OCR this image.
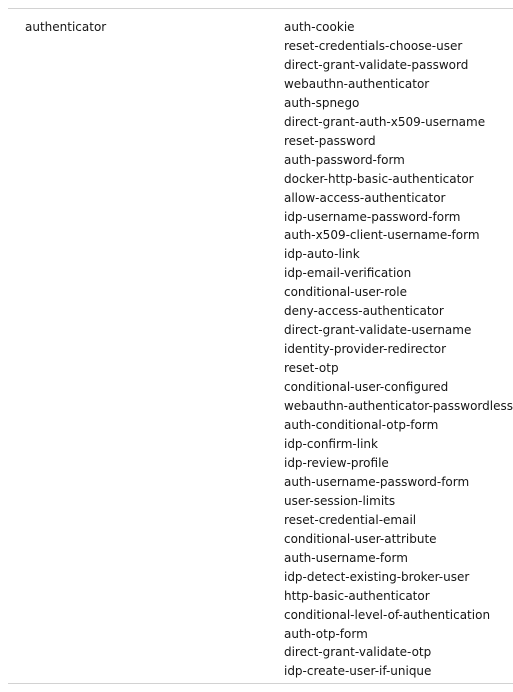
authenticator	auth-cookie
reset-credentials-choose-user
direct-grant-validate-password
webauthn-authenticator
auth-spnego
direct-grant-auth-x509-username
reset-password
auth-password-form
docker-http-basic-authenticator
allow-access-authenticator
idp-username-password-form
auth-x509-client-username-form
idp-auto-link
idp-email-verification
conditional-user-role
deny-access-authenticator
direct-grant-validate-username
identity-provider-redirector
reset-otp
conditional-user-configured
webauthn-authenticator-passwordless
auth-conditional-otp-form
idp-confirm-link
idp-review-profile
auth-username-password-form
user-session-limits
reset-credential-email
conditional-user-attribute
auth-username-form
idp-detect-existing-broker-user
http-basic-authenticator
conditional-level-of-authentication
auth-otp-form
direct-grant-validate-otp
idp-create-user-if-unique
